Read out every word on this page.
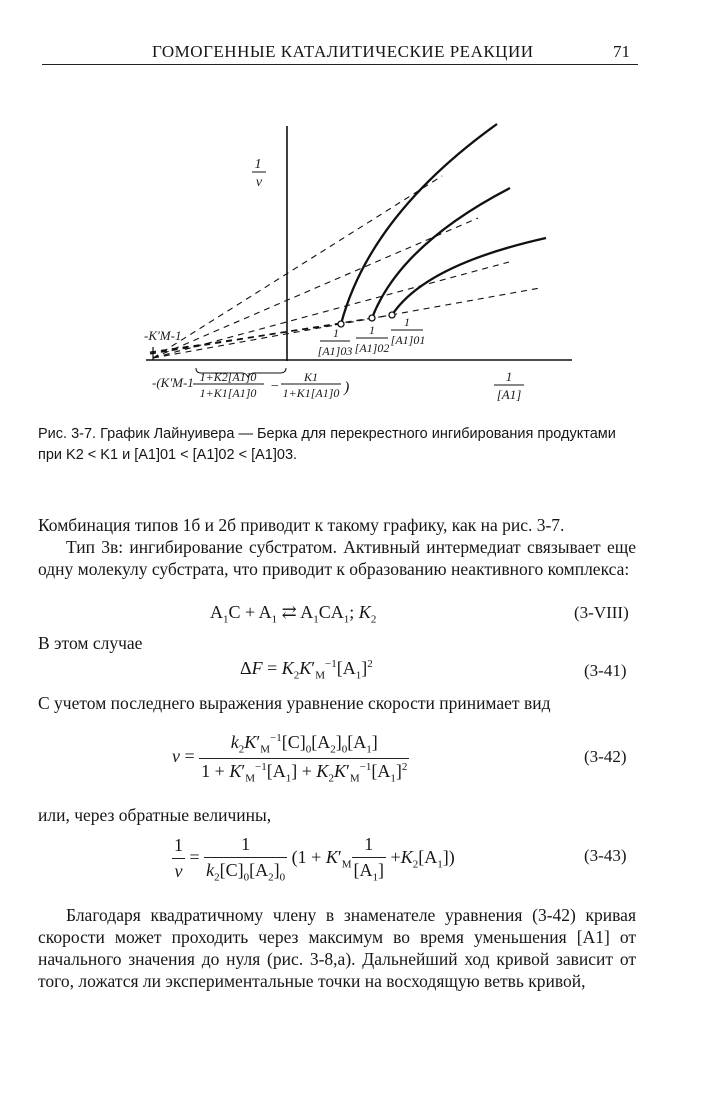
ГОМОГЕННЫЕ КАТАЛИТИЧЕСКИЕ РЕАКЦИИ	71
1
v
-K'M-1	1
[A1]03
1
[A1]02
1
[A1]01
-(K'M-1 1+K2[A1]0
1+K1[A1]0 −
K1
1+K1[A1]0 )
1
[A1]
Рис. 3-7. График Лайнуивера — Берка для перекрестного ингибирования продуктами при K2 < K1 и [A1]01 < [A1]02 < [A1]03.
Комбинация типов 1б и 2б приводит к такому графику, как на рис. 3-7.
Тип 3в: ингибирование субстратом. Активный интермедиат связывает еще одну молекулу субстрата, что приводит к образованию неактивного комплекса:
$A_1C + A_1$ ⇄ $A_1CA_1$; $K_2$	(3-VIII)
В этом случае
$\Delta F = K_2K'_M^{-1}[A_1]^2$	(3-41)
С учетом последнего выражения уравнение скорости принимает вид
$v = \frac{k_2K'_M^{-1}[C]_0[A_2]_0[A_1]}{1 + K'_M^{-1}[A_1] + K_2K'_M^{-1}[A_1]^2}$	(3-42)
или, через обратные величины,
$\frac{1}{v} = \frac{1}{k_2[C]_0[A_2]_0} (1 + K'_M \frac{1}{[A_1]} +K_2[A_1])$	(3-43)
Благодаря квадратичному члену в знаменателе уравнения (3-42) кривая скорости может проходить через максимум во время уменьшения [A1] от начального значения до нуля (рис. 3-8,а). Дальнейший ход кривой зависит от того, ложатся ли экспериментальные точки на восходящую ветвь кривой,
